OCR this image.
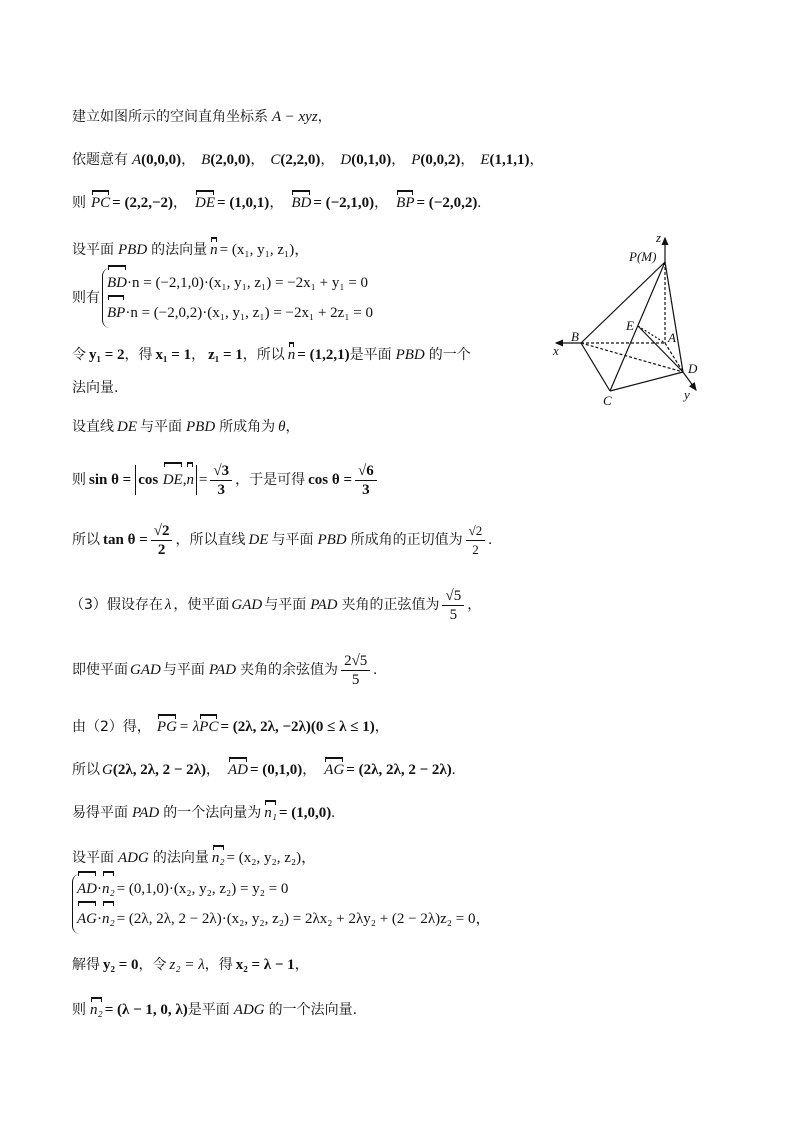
建立如图所示的空间直角坐标系 A − xyz ，
依题意有 A (0,0,0) ， B (2,0,0) ， C (2,2,0) ， D (0,1,0) ， P (0,0,2) ， E (1,1,1) ，
则 PC = (2,2,−2) ， DE = (1,0,1) ， BD = (−2,1,0) ， BP = (−2,0,2) .
设平面 PBD 的法向量 n = (x₁, y₁, z₁)，
则有
BD·n = (−2,1,0)·(x₁, y₁, z₁) = −2x₁ + y₁ = 0
BP·n = (−2,0,2)·(x₁, y₁, z₁) = −2x₁ + 2z₁ = 0
令 y₁ = 2 ，得 x₁ = 1 ， z₁ = 1 ，所以 n = (1,2,1) 是平面 PBD 的一个
法向量.
设直线 DE 与平面 PBD 所成角为 θ ，
则 $\sin \theta = \cos DE,n = \frac{√3}{3}$ ，于是可得 $\cos \theta = \frac{√6}{3}$
所以 $\tan \theta = \frac{√2}{2}$ ，所以直线 DE 与平面 PBD 所成角的正切值为 $\frac{√2}{2}$ .
（3）假设存在 λ ，使平面 GAD 与平面 PAD 夹角的正弦值为 $\frac{√5}{5}$ ，
即使平面 GAD 与平面 PAD 夹角的余弦值为 $\frac{2√5}{5}$ .
由（2）得， PG = λ PC = (2λ, 2λ, −2λ)(0 ≤ λ ≤ 1) ，
所以 G (2λ, 2λ, 2 − 2λ) ， AD = (0,1,0) ， AG = (2λ, 2λ, 2 − 2λ) .
易得平面 PAD 的一个法向量为 n₁ = (1,0,0) .
设平面 ADG 的法向量 n₂ = (x₂, y₂, z₂)，
AD·n₂ = (0,1,0)·(x₂, y₂, z₂) = y₂ = 0
AG·n₂ = (2λ, 2λ, 2 − 2λ)·(x₂, y₂, z₂) = 2λx₂ + 2λy₂ + (2 − 2λ)z₂ = 0，
解得 y₂ = 0 ，令 z₂ = λ ，得 x₂ = λ − 1 ，
则 n₂ = (λ − 1, 0, λ) 是平面 ADG 的一个法向量.
P(M)
B	A
E
D
C
x
y
z
